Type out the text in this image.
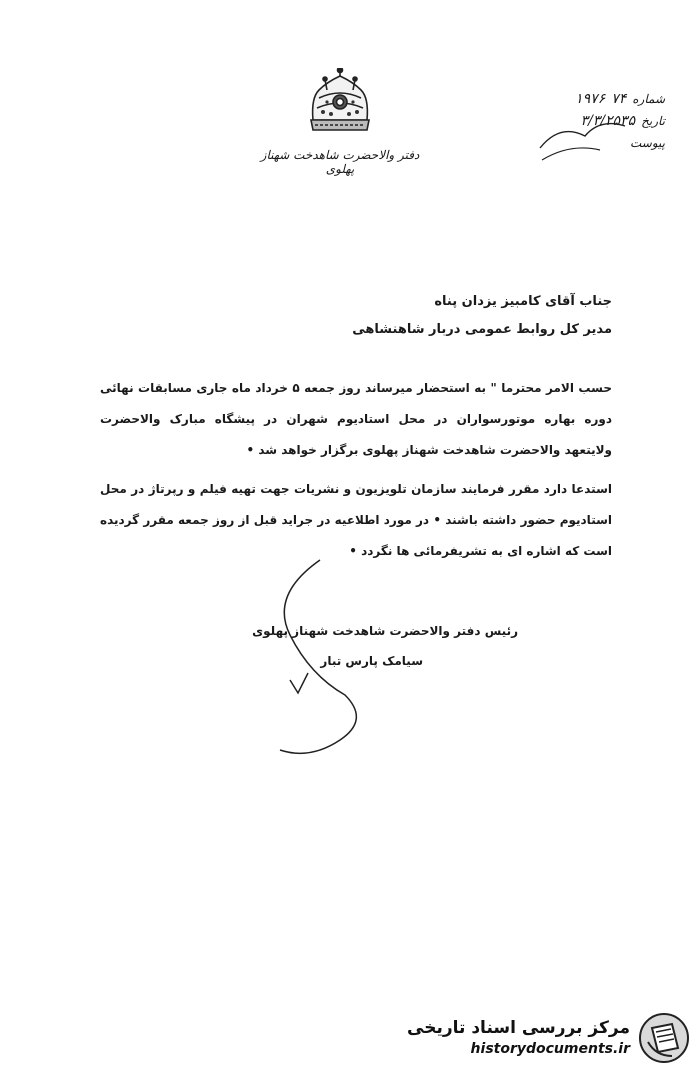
دفتر والاحضرت شاهدخت شهناز پهلوی
شماره
۷۴
۱۹۷۶
تاریخ
۳/۳/۲۵۳۵
پیوست
جناب آقای کامبیز یزدان پناه
مدیر کل روابط عمومی دربار شاهنشاهی
حسب الامر محترما " به استحضار میرساند روز جمعه ۵ خرداد ماه جاری مسابقات نهائی دوره بهاره موتورسواران در محل استادیوم شهران در پیشگاه مبارک والاحضرت ولایتعهد والاحضرت شاهدخت شهناز پهلوی برگزار خواهد شد •
استدعا دارد مقرر فرمایند سازمان تلویزیون و نشریات جهت تهیه فیلم و رپرتاژ در محل استادیوم حضور داشته باشند • در مورد اطلاعیه در جراید قبل از روز جمعه مقرر گردیده است که اشاره ای به تشریفرمائی ها نگردد •
رئیس دفتر والاحضرت شاهدخت شهناز پهلوی
سیامک پارس تبار
مرکز بررسی اسناد تاریخی
historydocuments.ir
